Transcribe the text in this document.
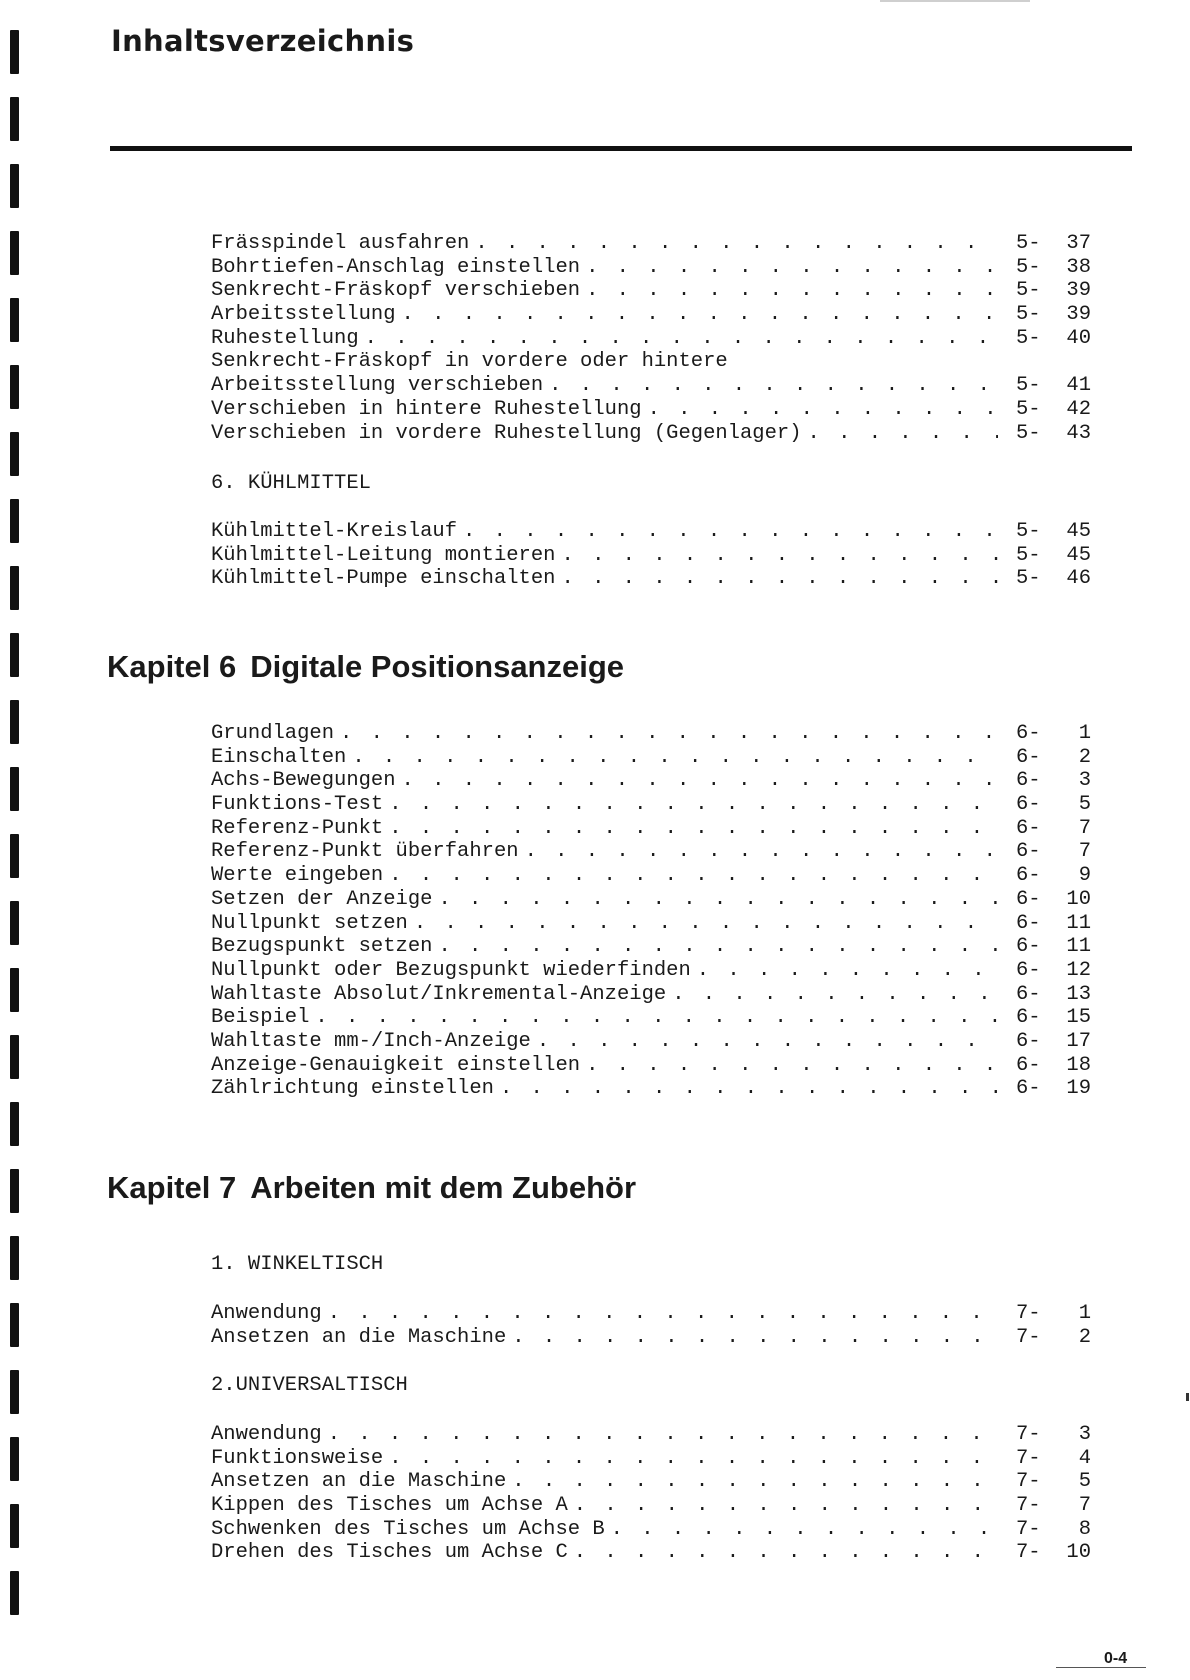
Inhaltsverzeichnis
Frässpindel ausfahren . . .	5- 37
Bohrtiefen-Anschlag einstellen . . .	5- 38
Senkrecht-Fräskopf verschieben . . .	5- 39
Arbeitsstellung . . .	5- 39
Ruhestellung . . .	5- 40
Senkrecht-Fräskopf in vordere oder hintere
Arbeitsstellung verschieben . . .	5- 41
Verschieben in hintere Ruhestellung . . .	5- 42
Verschieben in vordere Ruhestellung (Gegenlager) . . .	5- 43
6. KÜHLMITTEL
Kühlmittel-Kreislauf . . .	5- 45
Kühlmittel-Leitung montieren . . .	5- 45
Kühlmittel-Pumpe einschalten . . .	5- 46
Kapitel 6 Digitale Positionsanzeige
Grundlagen . . .	6-	1
Einschalten . . .	6-	2
Achs-Bewegungen . . .	6-	3
Funktions-Test . . .	6-	5
Referenz-Punkt . . .	6-	7
Referenz-Punkt überfahren . . .	6-	7
Werte eingeben . . .	6-	9
Setzen der Anzeige . . .	6- 10
Nullpunkt setzen . . .	6- 11
Bezugspunkt setzen . . .	6- 11
Nullpunkt oder Bezugspunkt wiederfinden . . .	6- 12
Wahltaste Absolut/Inkremental-Anzeige . . .	6- 13
Beispiel . . .	6- 15
Wahltaste mm-/Inch-Anzeige . . .	6- 17
Anzeige-Genauigkeit einstellen . . .	6- 18
Zählrichtung einstellen . . .	6- 19
Kapitel 7 Arbeiten mit dem Zubehör
1. WINKELTISCH
Anwendung . . .	7-	1
Ansetzen an die Maschine . . .	7-	2
2.UNIVERSALTISCH
Anwendung . . .	7-	3
Funktionsweise . . .	7-	4
Ansetzen an die Maschine . . .	7-	5
Kippen des Tisches um Achse A . . .	7-	7
Schwenken des Tisches um Achse B . . .	7-	8
Drehen des Tisches um Achse C . . .	7- 10
0-4
